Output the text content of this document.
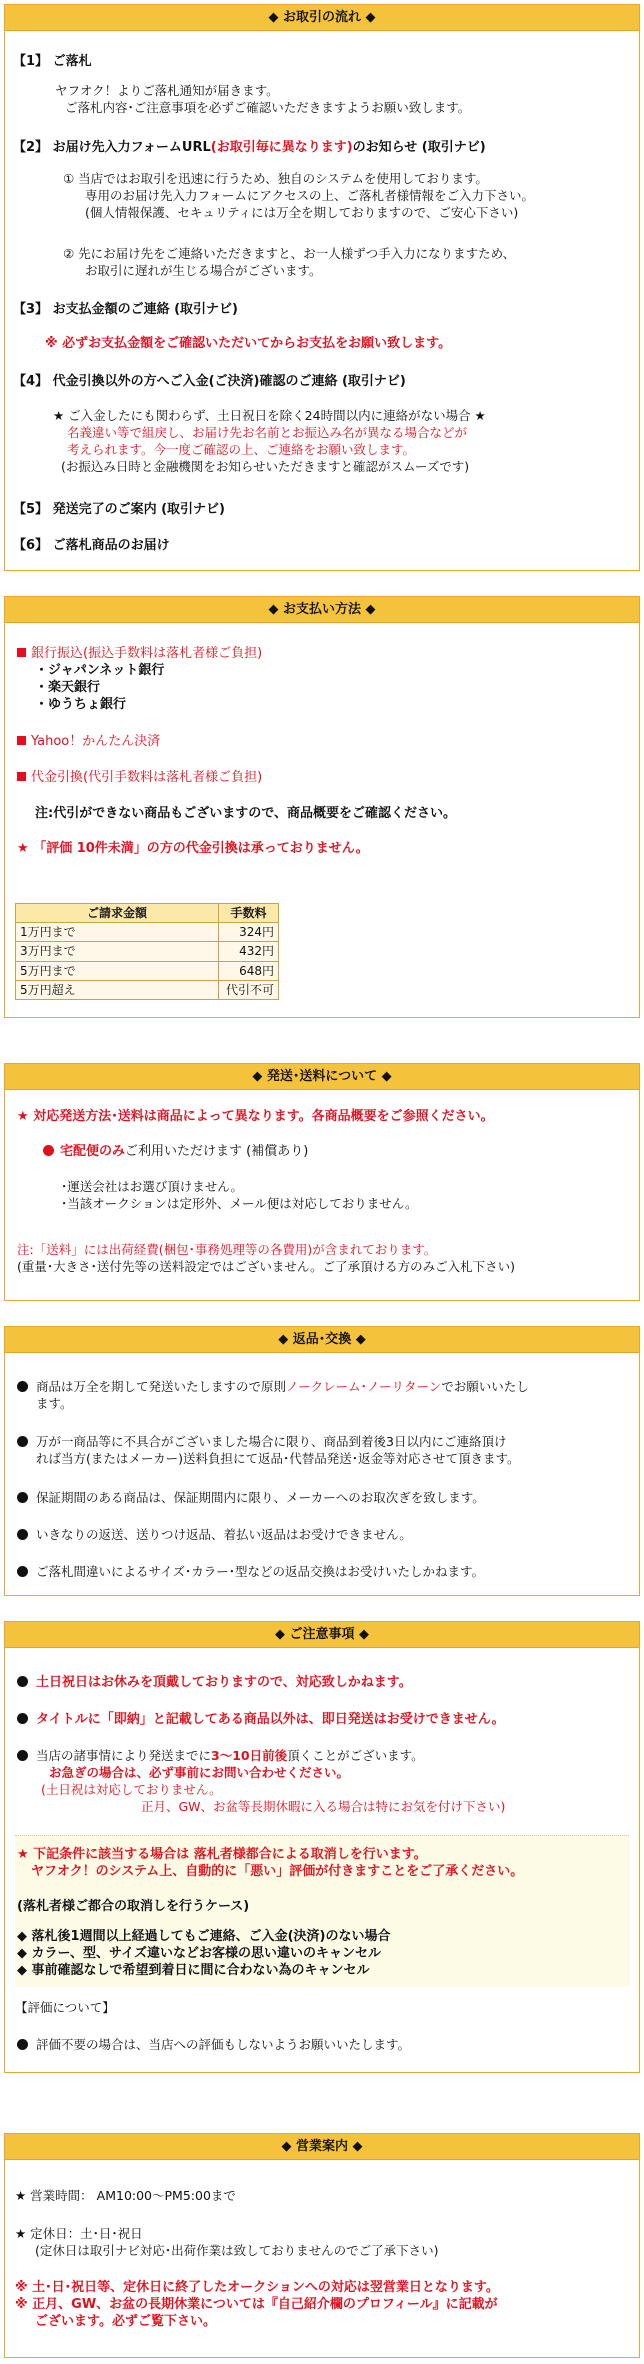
◆ お取引の流れ ◆
【1】 ご落札
ヤフオク！よりご落札通知が届きます。
ご落札内容･ご注意事項を必ずご確認いただきますようお願い致します。
【2】 お届け先入力フォームURL(お取引毎に異なります)のお知らせ (取引ナビ)
① 当店ではお取引を迅速に行うため、独自のシステムを使用しております。
専用のお届け先入力フォームにアクセスの上、ご落札者様情報をご入力下さい。
(個人情報保護、セキュリティには万全を期しておりますので、ご安心下さい)
② 先にお届け先をご連絡いただきますと、お一人様ずつ手入力になりますため、
お取引に遅れが生じる場合がございます。
【3】 お支払金額のご連絡 (取引ナビ)
※ 必ずお支払金額をご確認いただいてからお支払をお願い致します。
【4】 代金引換以外の方へご入金(ご決済)確認のご連絡 (取引ナビ)
★ ご入金したにも関わらず、土日祝日を除く24時間以内に連絡がない場合 ★
名義違い等で組戻し、お届け先お名前とお振込み名が異なる場合などが
考えられます。今一度ご確認の上、ご連絡をお願い致します。
(お振込み日時と金融機関をお知らせいただきますと確認がスムーズです)
【5】 発送完了のご案内 (取引ナビ)
【6】 ご落札商品のお届け
◆ お支払い方法 ◆
銀行振込(振込手数料は落札者様ご負担)
・ジャパンネット銀行
・楽天銀行
・ゆうちょ銀行
Yahoo！かんたん決済
代金引換(代引手数料は落札者様ご負担)
注:代引ができない商品もございますので、商品概要をご確認ください。
★ 「評価 10件未満」の方の代金引換は承っておりません。
ご請求金額	手数料
1万円まで	324円
3万円まで	432円
5万円まで	648円
5万円超え	代引不可
◆ 発送･送料について ◆
★ 対応発送方法･送料は商品によって異なります。各商品概要をご参照ください。
宅配便のみご利用いただけます (補償あり)
･運送会社はお選び頂けません。
･当該オークションは定形外、メール便は対応しておりません。
注:「送料」には出荷経費(梱包･事務処理等の各費用)が含まれております。
(重量･大きさ･送付先等の送料設定ではございません。ご了承頂ける方のみご入札下さい)
◆ 返品･交換 ◆
商品は万全を期して発送いたしますので原則ノークレーム･ノーリターンでお願いいたし
ます。
万が一商品等に不具合がございました場合に限り、商品到着後3日以内にご連絡頂け
れば当方(またはメーカー)送料負担にて返品･代替品発送･返金等対応させて頂きます。
保証期間のある商品は、保証期間内に限り、メーカーへのお取次ぎを致します。
いきなりの返送、送りつけ返品、着払い返品はお受けできません。
ご落札間違いによるサイズ･カラー･型などの返品交換はお受けいたしかねます。
◆ ご注意事項 ◆
土日祝日はお休みを頂戴しておりますので、対応致しかねます。
タイトルに「即納」と記載してある商品以外は、即日発送はお受けできません。
当店の諸事情により発送までに3～10日前後頂くことがございます。
お急ぎの場合は、必ず事前にお問い合わせください。
(土日祝は対応しておりません。
正月、GW、お盆等長期休暇に入る場合は特にお気を付け下さい)
★ 下記条件に該当する場合は 落札者様都合による取消しを行います。
ヤフオク！のシステム上、自動的に「悪い」評価が付きますことをご了承ください。
(落札者様ご都合の取消しを行うケース)
◆ 落札後1週間以上経過してもご連絡、ご入金(決済)のない場合
◆ カラー、型、サイズ違いなどお客様の思い違いのキャンセル
◆ 事前確認なしで希望到着日に間に合わない為のキャンセル
【評価について】
評価不要の場合は、当店への評価もしないようお願いいたします。
◆ 営業案内 ◆
★ 営業時間： AM10:00～PM5:00まで
★ 定休日：土･日･祝日
(定休日は取引ナビ対応･出荷作業は致しておりませんのでご了承下さい)
※ 土･日･祝日等、定休日に終了したオークションへの対応は翌営業日となります。
※ 正月、GW、お盆の長期休業については『自己紹介欄のプロフィール』に記載が
ございます。必ずご覧下さい。
